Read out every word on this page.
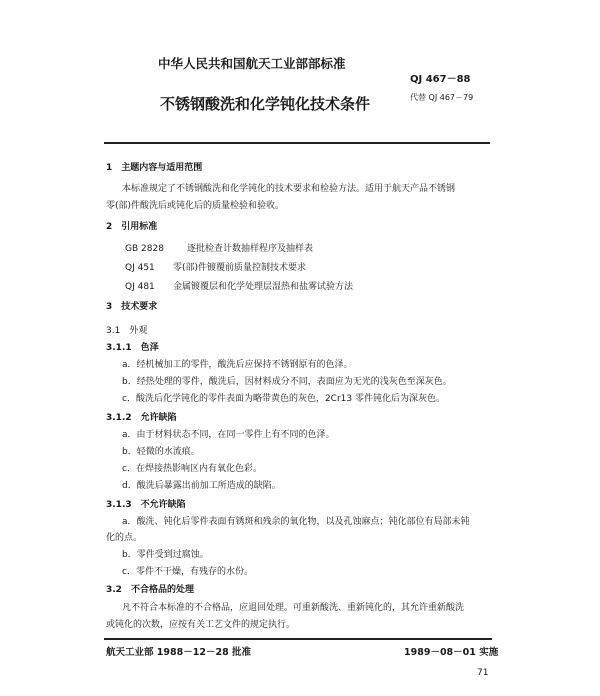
中华人民共和国航天工业部部标准
QJ 467－88
不锈钢酸洗和化学钝化技术条件	代替 QJ 467－79
1　主题内容与适用范围
本标准规定了不锈钢酸洗和化学钝化的技术要求和检验方法。适用于航天产品不锈钢
零(部)件酸洗后或钝化后的质量检验和验收。
2　引用标准
GB 2828	逐批检查计数抽样程序及抽样表
QJ 451 零(部)件镀覆前质量控制技术要求
QJ 481 金属镀覆层和化学处理层湿热和盐雾试验方法
3　技术要求
3.1　外观
3.1.1　色泽
a．经机械加工的零件，酸洗后应保持不锈钢原有的色泽。
b．经热处理的零件，酸洗后，因材料成分不同，表面应为无光的浅灰色至深灰色。
c．酸洗后化学钝化的零件表面为略带黄色的灰色，2Cr13 零件钝化后为深灰色。
3.1.2　允许缺陷
a．由于材料状态不同，在同一零件上有不同的色泽。
b．轻微的水流痕。
c．在焊接热影响区内有氧化色彩。
d．酸洗后暴露出前加工所造成的缺陷。
3.1.3　不允许缺陷
a．酸洗、钝化后零件表面有锈斑和残余的氧化物，以及孔蚀麻点；钝化部位有局部未钝
化的点。
b．零件受到过腐蚀。
c．零件不干燥，有残存的水份。
3.2　不合格品的处理
凡不符合本标准的不合格品，应退回处理。可重新酸洗、重新钝化的，其允许重新酸洗
或钝化的次数，应按有关工艺文件的规定执行。
航天工业部 1988－12－28 批准	1989－08－01 实施
71
